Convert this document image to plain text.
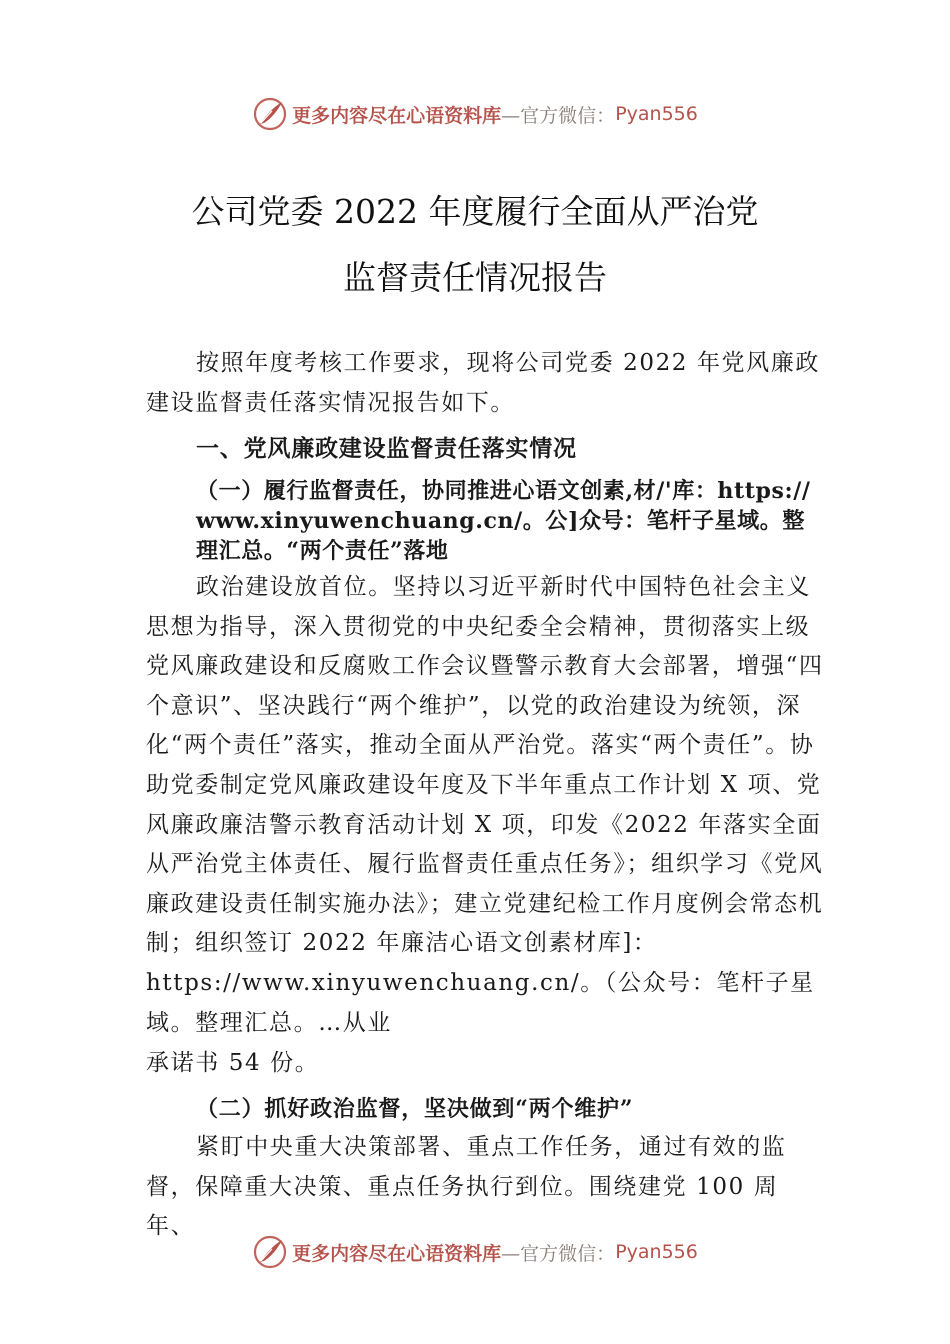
更多内容尽在心语资料库 —官方微信： Pyan556
公司党委 2022 年度履行全面从严治党
监督责任情况报告
按照年度考核工作要求，现将公司党委 2022 年党风廉政建设监督责任落实情况报告如下。
一、党风廉政建设监督责任落实情况
（一）履行监督责任，协同推进心语文创素,材/'库：https://www.xinyuwenchuang.cn/。公]众号：笔杆子星域。整理汇总。“两个责任”落地
政治建设放首位。坚持以习近平新时代中国特色社会主义思想为指导，深入贯彻党的中央纪委全会精神，贯彻落实上级党风廉政建设和反腐败工作会议暨警示教育大会部署，增强“四个意识”、坚决践行“两个维护”，以党的政治建设为统领，深化“两个责任”落实，推动全面从严治党。落实“两个责任”。协助党委制定党风廉政建设年度及下半年重点工作计划 X 项、党风廉政廉洁警示教育活动计划 X 项，印发《2022 年落实全面从严治党主体责任、履行监督责任重点任务》；组织学习《党风廉政建设责任制实施办法》；建立党建纪检工作月度例会常态机制；组织签订 2022 年廉洁心语文创素材库]：https://www.xinyuwenchuang.cn/。（公众号：笔杆子星域。整理汇总。…从业
承诺书 54 份。
（二）抓好政治监督，坚决做到“两个维护”
紧盯中央重大决策部署、重点工作任务，通过有效的监督，保障重大决策、重点任务执行到位。围绕建党 100 周年、
更多内容尽在心语资料库 —官方微信： Pyan556
